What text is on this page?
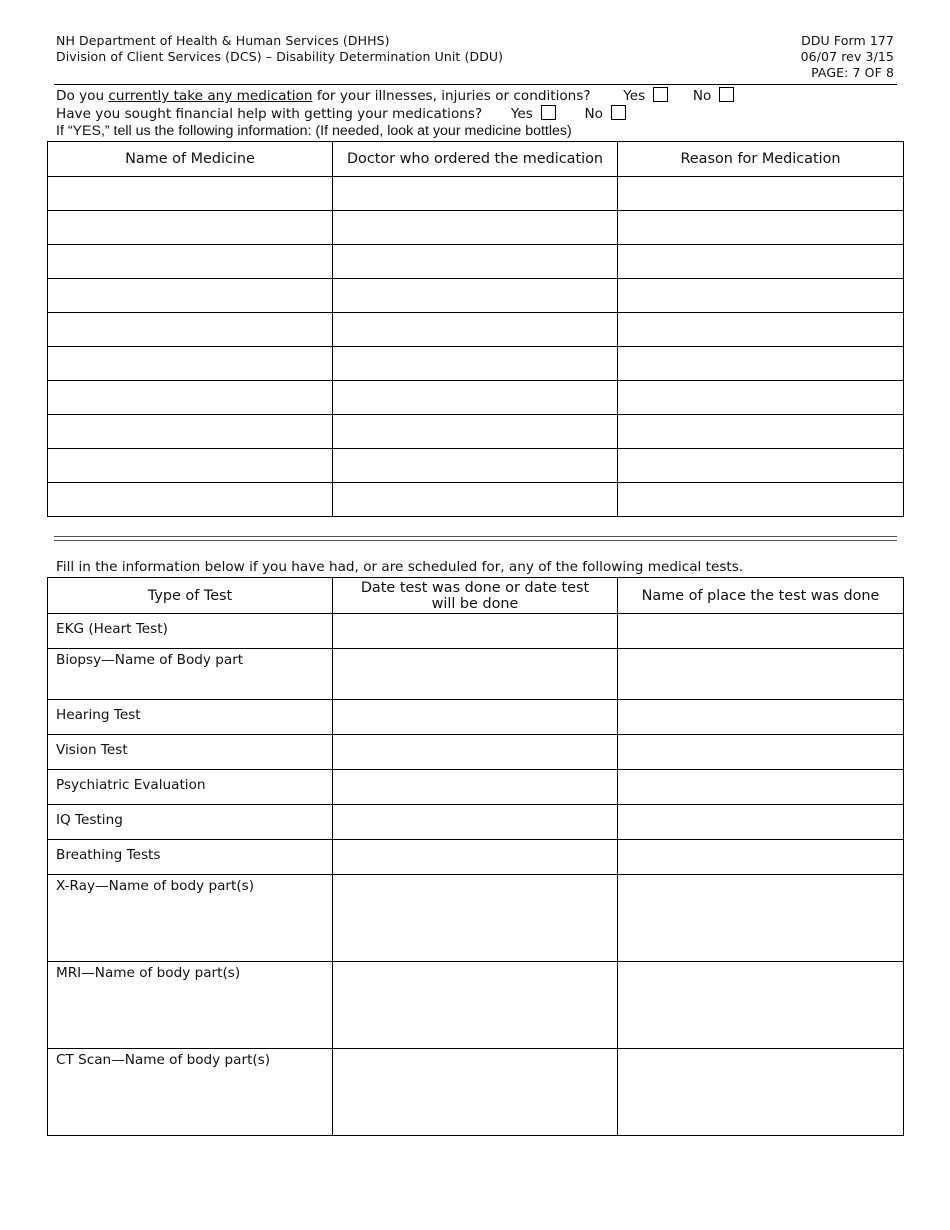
NH Department of Health & Human Services (DHHS)
Division of Client Services (DCS) – Disability Determination Unit (DDU)
DDU Form 177
06/07 rev 3/15
PAGE: 7 OF 8
Do you currently take any medication for your illnesses, injuries or conditions? Yes	No
Have you sought financial help with getting your medications? Yes	No
If “YES,” tell us the following information: (If needed, look at your medicine bottles)
Name of Medicine	Doctor who ordered the medication	Reason for Medication

Fill in the information below if you have had, or are scheduled for, any of the following medical tests.
Type of Test	Date test was done or date test will be done	Name of place the test was done
EKG (Heart Test)		
Biopsy—Name of Body part		
Hearing Test		
Vision Test		
Psychiatric Evaluation		
IQ Testing		
Breathing Tests		
X-Ray—Name of body part(s)		
MRI—Name of body part(s)		
CT Scan—Name of body part(s)		
